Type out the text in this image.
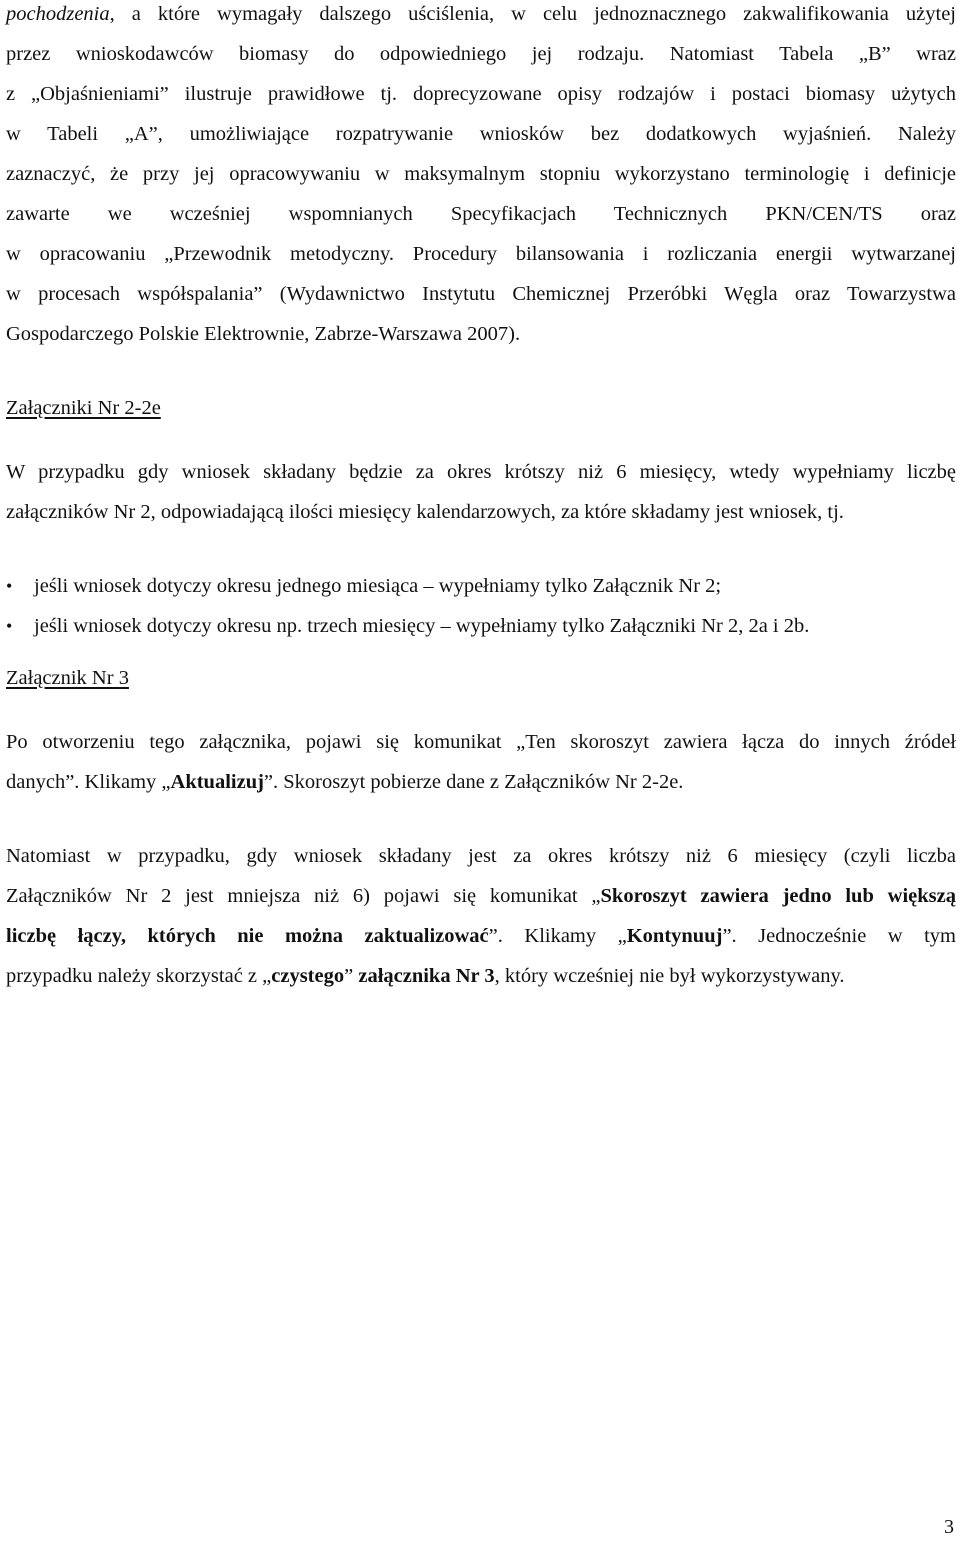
pochodzenia, a które wymagały dalszego uściślenia, w celu jednoznacznego zakwalifikowania użytej
przez wnioskodawców biomasy do odpowiedniego jej rodzaju. Natomiast Tabela „B” wraz
z „Objaśnieniami” ilustruje prawidłowe tj. doprecyzowane opisy rodzajów i postaci biomasy użytych
w Tabeli „A”, umożliwiające rozpatrywanie wniosków bez dodatkowych wyjaśnień. Należy
zaznaczyć, że przy jej opracowywaniu w maksymalnym stopniu wykorzystano terminologię i definicje
zawarte we wcześniej wspomnianych Specyfikacjach Technicznych PKN/CEN/TS oraz
w opracowaniu „Przewodnik metodyczny. Procedury bilansowania i rozliczania energii wytwarzanej
w procesach współspalania” (Wydawnictwo Instytutu Chemicznej Przeróbki Węgla oraz Towarzystwa
Gospodarczego Polskie Elektrownie, Zabrze-Warszawa 2007).

Załączniki Nr 2-2e

W przypadku gdy wniosek składany będzie za okres krótszy niż 6 miesięcy, wtedy wypełniamy liczbę
załączników Nr 2, odpowiadającą ilości miesięcy kalendarzowych, za które składamy jest wniosek, tj.

•	jeśli wniosek dotyczy okresu jednego miesiąca – wypełniamy tylko Załącznik Nr 2;
•	jeśli wniosek dotyczy okresu np. trzech miesięcy – wypełniamy tylko Załączniki Nr 2, 2a i 2b.
Załącznik Nr 3

Po otworzeniu tego załącznika, pojawi się komunikat „Ten skoroszyt zawiera łącza do innych źródeł
danych”. Klikamy „Aktualizuj”. Skoroszyt pobierze dane z Załączników Nr 2-2e.

Natomiast w przypadku, gdy wniosek składany jest za okres krótszy niż 6 miesięcy (czyli liczba
Załączników Nr 2 jest mniejsza niż 6) pojawi się komunikat „Skoroszyt zawiera jedno lub większą
liczbę łączy, których nie można zaktualizować”. Klikamy „Kontynuuj”. Jednocześnie w tym
przypadku należy skorzystać z „czystego” załącznika Nr 3, który wcześniej nie był wykorzystywany.

3
